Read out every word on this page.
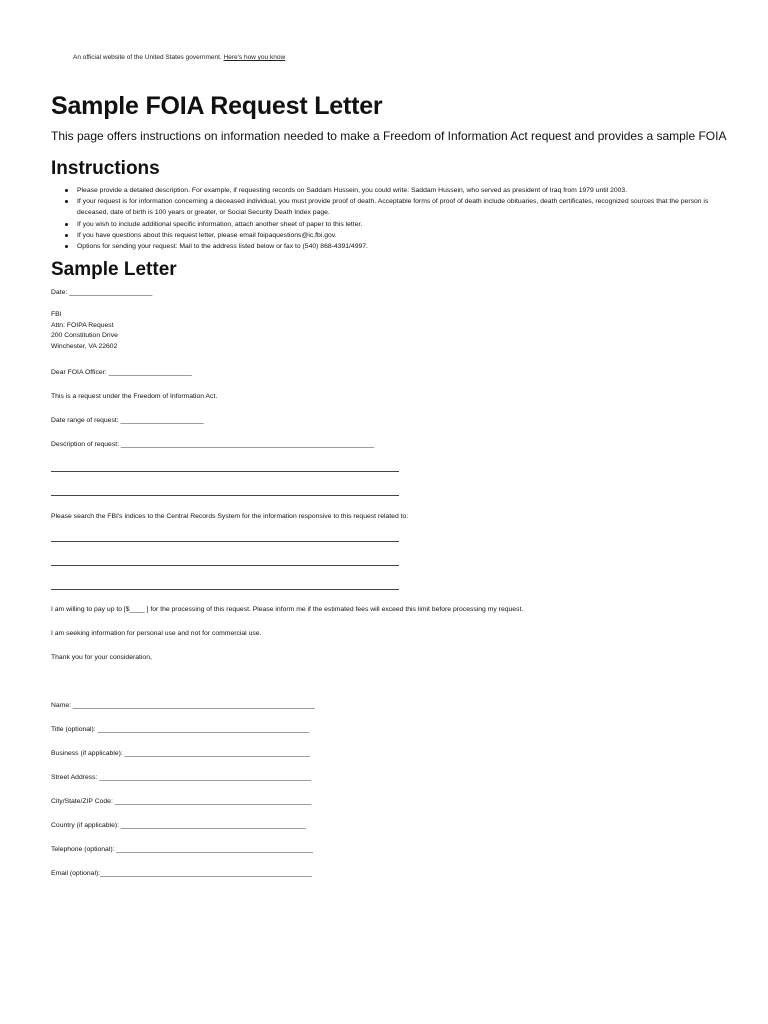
An official website of the United States government. Here's how you know
Sample FOIA Request Letter
This page offers instructions on information needed to make a Freedom of Information Act request and provides a sample FOIA
Instructions
Please provide a detailed description. For example, if requesting records on Saddam Hussein, you could write: Saddam Hussein, who served as president of Iraq from 1979 until 2003.
If your request is for information concerning a deceased individual, you must provide proof of death. Acceptable forms of proof of death include obituaries, death certificates, recognized sources that the person is deceased, date of birth is 100 years or greater, or Social Security Death Index page.
If you wish to include additional specific information, attach another sheet of paper to this letter.
If you have questions about this request letter, please email foipaquestions@ic.fbi.gov.
Options for sending your request: Mail to the address listed below or fax to (540) 868-4391/4997.
Sample Letter
Date: ______________________
FBI
Attn: FOIPA Request
200 Constitution Drive
Winchester, VA 22602
Dear FOIA Officer: ______________________
This is a request under the Freedom of Information Act.
Date range of request: ______________________
Description of request: ___________________________________________________________________
Please search the FBI's indices to the Central Records System for the information responsive to this request related to:
I am willing to pay up to [$____ ] for the processing of this request. Please inform me if the estimated fees will exceed this limit before processing my request.
I am seeking information for personal use and not for commercial use.
Thank you for your consideration,
Name: ________________________________________________________________
Title (optional): ________________________________________________________
Business (if applicable): _________________________________________________
Street Address: ________________________________________________________
City/State/ZIP Code: ____________________________________________________
Country (if applicable): _________________________________________________
Telephone (optional): ____________________________________________________
Email (optional):________________________________________________________
